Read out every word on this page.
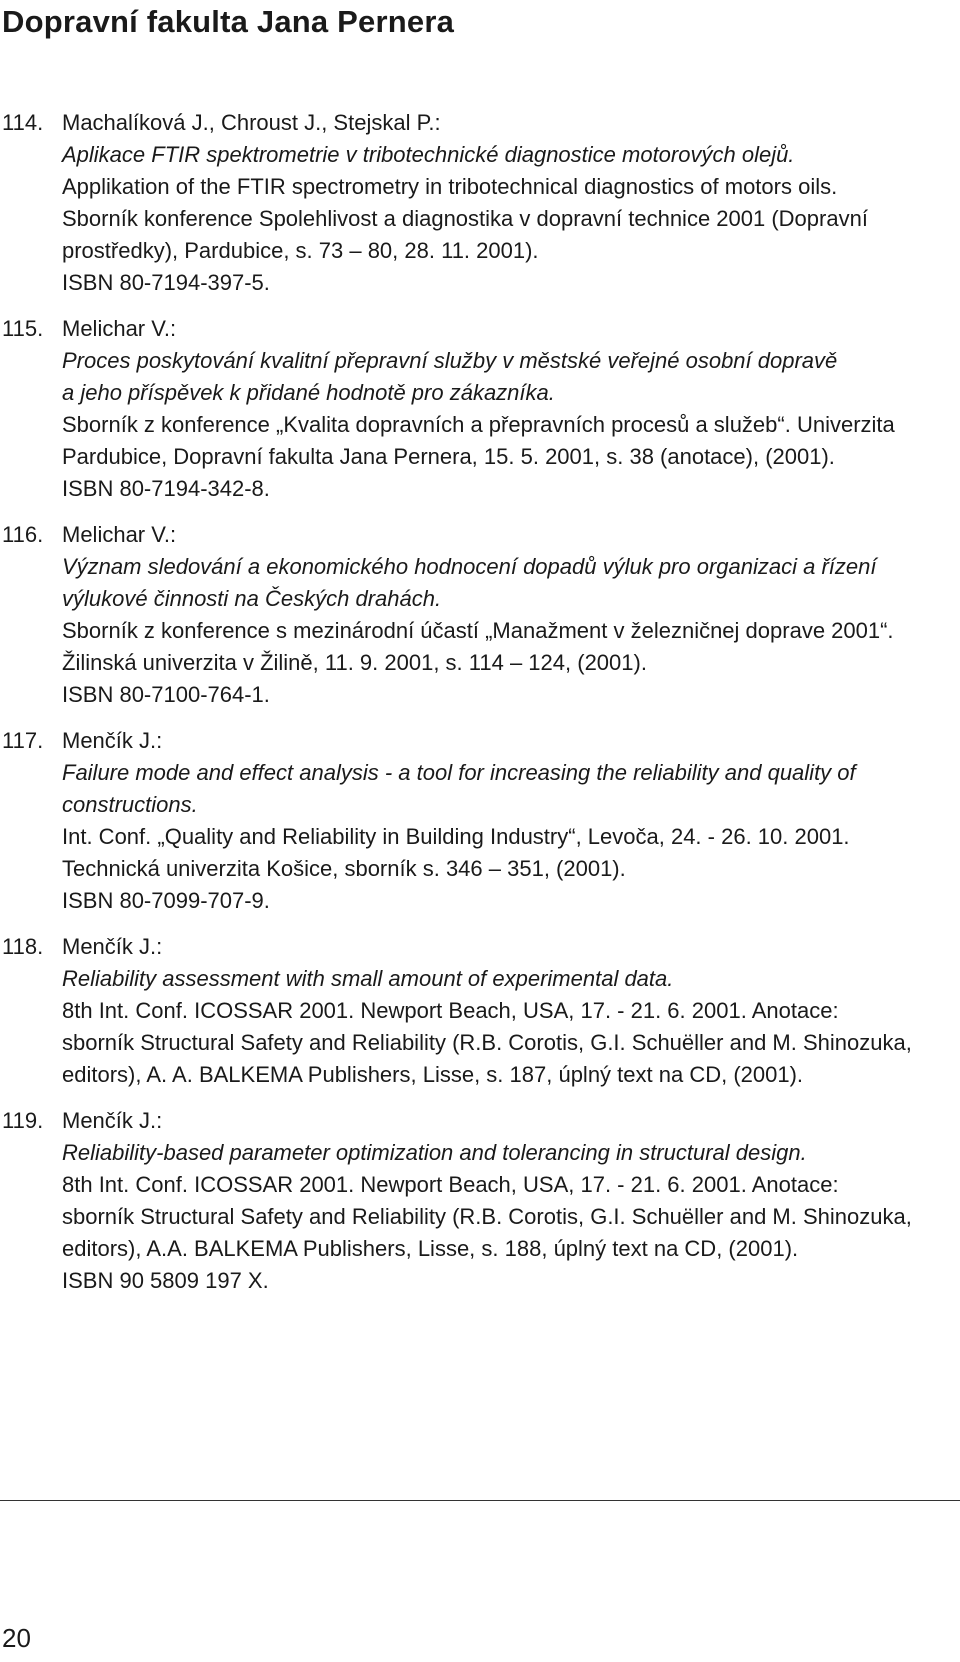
Dopravní fakulta Jana Pernera
114. Machalíková J., Chroust J., Stejskal P.:
Aplikace FTIR spektrometrie v tribotechnické diagnostice motorových olejů.
Applikation of the FTIR spectrometry in tribotechnical diagnostics of motors oils.
Sborník konference Spolehlivost a diagnostika v dopravní technice 2001 (Dopravní
prostředky), Pardubice, s. 73 – 80, 28. 11. 2001).
ISBN 80-7194-397-5.
115. Melichar V.:
Proces poskytování kvalitní přepravní služby v městské veřejné osobní dopravě
a jeho příspěvek k přidané hodnotě pro zákazníka.
Sborník z konference „Kvalita dopravních a přepravních procesů a služeb“. Univerzita
Pardubice, Dopravní fakulta Jana Pernera, 15. 5. 2001, s. 38 (anotace), (2001).
ISBN 80-7194-342-8.
116. Melichar V.:
Význam sledování a ekonomického hodnocení dopadů výluk pro organizaci a řízení
výlukové činnosti na Českých drahách.
Sborník z konference s mezinárodní účastí „Manažment v železničnej doprave 2001“.
Žilinská univerzita v Žilině, 11. 9. 2001, s. 114 – 124, (2001).
ISBN 80-7100-764-1.
117. Menčík J.:
Failure mode and effect analysis - a tool for increasing the reliability and quality of
constructions.
Int. Conf. „Quality and Reliability in Building Industry“, Levoča, 24. - 26. 10. 2001.
Technická univerzita Košice, sborník s. 346 – 351, (2001).
ISBN 80-7099-707-9.
118. Menčík J.:
Reliability assessment with small amount of experimental data.
8th Int. Conf. ICOSSAR 2001. Newport Beach, USA, 17. - 21. 6. 2001. Anotace:
sborník Structural Safety and Reliability (R.B. Corotis, G.I. Schuëller and M. Shinozuka,
editors), A. A. BALKEMA Publishers, Lisse, s. 187, úplný text na CD, (2001).
119. Menčík J.:
Reliability-based parameter optimization and tolerancing in structural design.
8th Int. Conf. ICOSSAR 2001. Newport Beach, USA, 17. - 21. 6. 2001. Anotace:
sborník Structural Safety and Reliability (R.B. Corotis, G.I. Schuëller and M. Shinozuka,
editors), A.A. BALKEMA Publishers, Lisse, s. 188, úplný text na CD, (2001).
ISBN 90 5809 197 X.
20
